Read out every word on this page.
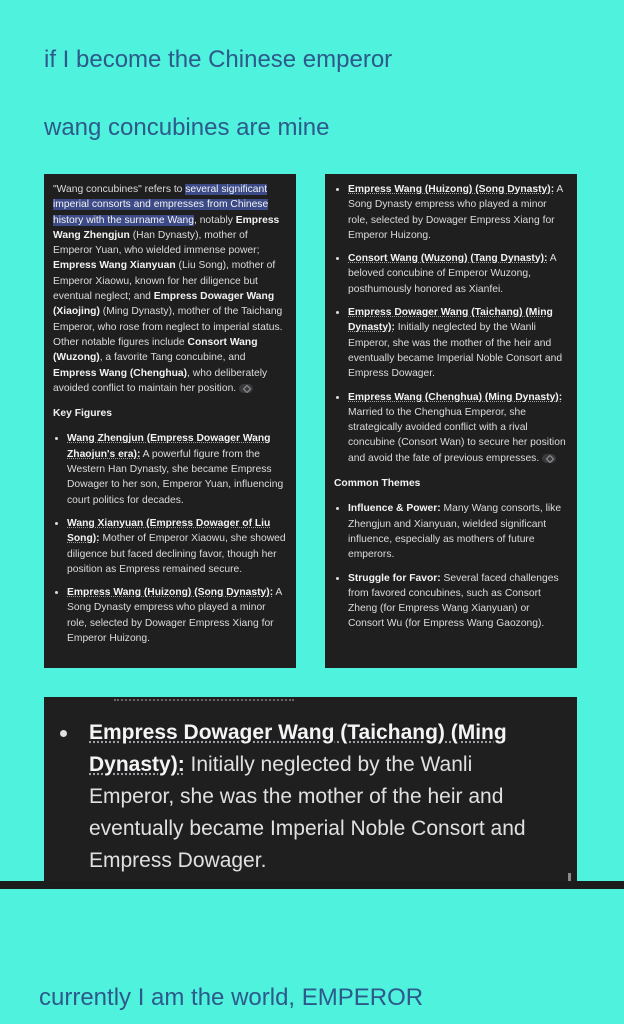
if I become the Chinese emperor

wang concubines are mine

"Wang concubines" refers to several significant imperial consorts and empresses from Chinese history with the surname Wang, notably Empress Wang Zhengjun (Han Dynasty), mother of Emperor Yuan, who wielded immense power; Empress Wang Xianyuan (Liu Song), mother of Emperor Xiaowu, known for her diligence but eventual neglect; and Empress Dowager Wang (Xiaojing) (Ming Dynasty), mother of the Taichang Emperor, who rose from neglect to imperial status. Other notable figures include Consort Wang (Wuzong), a favorite Tang concubine, and Empress Wang (Chenghua), who deliberately avoided conflict to maintain her position.

Key Figures
• Wang Zhengjun (Empress Dowager Wang Zhaojun's era): A powerful figure from the Western Han Dynasty, she became Empress Dowager to her son, Emperor Yuan, influencing court politics for decades.
• Wang Xianyuan (Empress Dowager of Liu Song): Mother of Emperor Xiaowu, she showed diligence but faced declining favor, though her position as Empress remained secure.
• Empress Wang (Huizong) (Song Dynasty): A Song Dynasty empress who played a minor role, selected by Dowager Empress Xiang for Emperor Huizong.
• Empress Wang (Huizong) (Song Dynasty): A Song Dynasty empress who played a minor role, selected by Dowager Empress Xiang for Emperor Huizong.
• Consort Wang (Wuzong) (Tang Dynasty): A beloved concubine of Emperor Wuzong, posthumously honored as Xianfei.
• Empress Dowager Wang (Taichang) (Ming Dynasty): Initially neglected by the Wanli Emperor, she was the mother of the heir and eventually became Imperial Noble Consort and Empress Dowager.
• Empress Wang (Chenghua) (Ming Dynasty): Married to the Chenghua Emperor, she strategically avoided conflict with a rival concubine (Consort Wan) to secure her position and avoid the fate of previous empresses.
Common Themes
• Influence & Power: Many Wang consorts, like Zhengjun and Xianyuan, wielded significant influence, especially as mothers of future emperors.
• Struggle for Favor: Several faced challenges from favored concubines, such as Consort Zheng (for Empress Wang Xianyuan) or Consort Wu (for Empress Wang Gaozong).
Empress Dowager Wang (Taichang) (Ming Dynasty): Initially neglected by the Wanli Emperor, she was the mother of the heir and eventually became Imperial Noble Consort and Empress Dowager.

currently I am the world, EMPEROR
